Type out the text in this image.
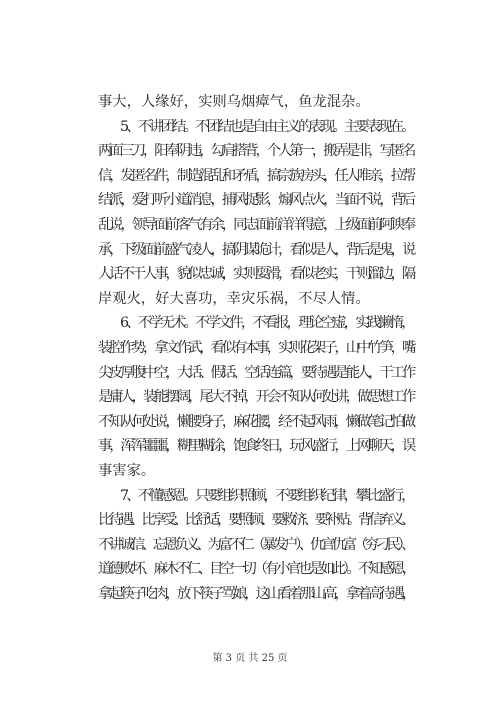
事大，人缘好，实则乌烟瘴气，鱼龙混杂。
5、不讲团结。不团结也是自由主义的表现。主要表现在。
两面三刀，阳奉阴违，勾肩搭背，个人第一，搬弄是非，写匿名
信，发匿名件，制造混乱和矛盾，搞宗族房头，任人唯亲，拉帮
结派，爱打听小道消息，捕风捉影，煽风点火，当面不说，背后
乱说，领导面前客气有余，同志面前洋洋得意，上级面前阿谀奉
承，下级面前盛气凌人，搞阴谋诡计，看似是人，背后是鬼，说
人话不干人事，貌似忠诚，实则耍滑，看似老实，干则溜边，隔
岸观火，好大喜功，幸灾乐祸，不尽人情。
6、不学无术。不学文件，不看报，理论空虚，实践懒惰，
装腔作势，拿文作武，看似有本事，实则花架子，山中竹笋，嘴
尖皮厚腹中空，大话、假话、空话连篇，要待遇是能人，干工作
是庸人，装能摆阔，尾大不掉，开会不知从何处讲，做思想工作
不知从何处说，懒腰身子，麻花腰，经不起风雨，懒做笔记怕做
事，浑浑噩噩，糊里糊涂，饱食终日，玩风盛行，上网聊天，误
事害家。
7、不懂感恩。只要组织照顾，不要组织纪律，攀比盛行，
比待遇、比享受、比舒适，要照顾、要救济、要补贴。背信弃义、
不讲诚信、忘恩负义、为富不仁（暴发户）、仇官仇富（穷刁民）、
道德败坏、麻木不仁、目空一切（有小官也是如此）。不知感恩，
拿起筷子吃肉，放下筷子骂娘，这山看着那山高，拿着高待遇，
第 3 页 共 25 页
